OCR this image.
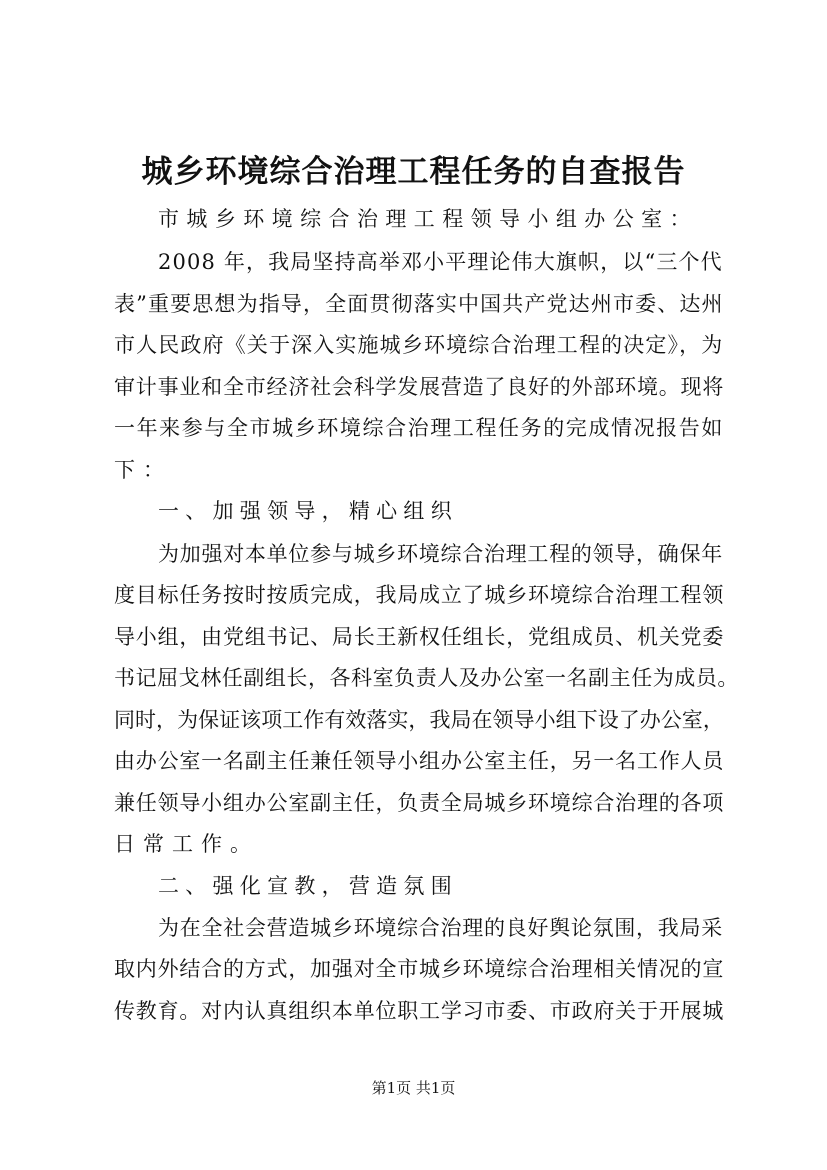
城乡环境综合治理工程任务的自查报告
市城乡环境综合治理工程领导小组办公室：
2008 年，我局坚持高举邓小平理论伟大旗帜，以“三个代
表”重要思想为指导，全面贯彻落实中国共产党达州市委、达州
市人民政府《关于深入实施城乡环境综合治理工程的决定》，为
审计事业和全市经济社会科学发展营造了良好的外部环境。现将
一年来参与全市城乡环境综合治理工程任务的完成情况报告如
下：
一、加强领导，精心组织
为加强对本单位参与城乡环境综合治理工程的领导，确保年
度目标任务按时按质完成，我局成立了城乡环境综合治理工程领
导小组，由党组书记、局长王新权任组长，党组成员、机关党委
书记屈戈林任副组长，各科室负责人及办公室一名副主任为成员。
同时，为保证该项工作有效落实，我局在领导小组下设了办公室，
由办公室一名副主任兼任领导小组办公室主任，另一名工作人员
兼任领导小组办公室副主任，负责全局城乡环境综合治理的各项
日常工作。
二、强化宣教，营造氛围
为在全社会营造城乡环境综合治理的良好舆论氛围，我局采
取内外结合的方式，加强对全市城乡环境综合治理相关情况的宣
传教育。对内认真组织本单位职工学习市委、市政府关于开展城
第1页 共1页
